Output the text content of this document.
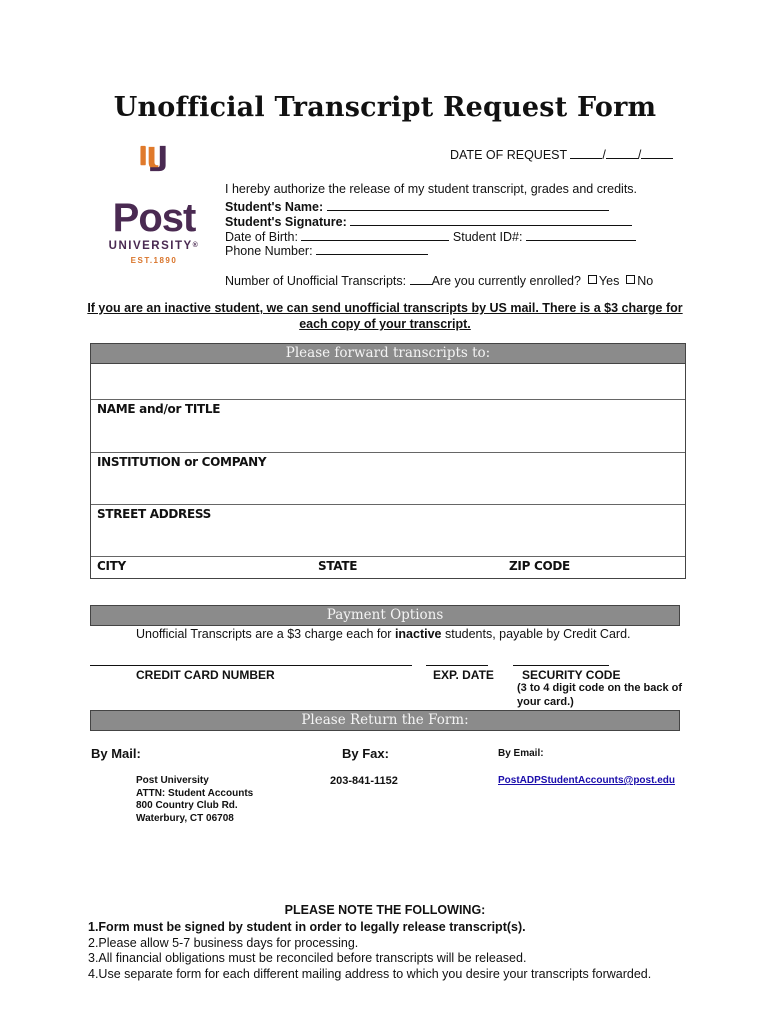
Unofficial Transcript Request Form
Post
UNIVERSITY®
EST.1890
DATE OF REQUEST	/	/
I hereby authorize the release of my student transcript, grades and credits.
Student's Name:
Student's Signature:
Date of Birth:	Student ID#:
Phone Number:
Number of Unofficial Transcripts: Are you currently enrolled? Yes No
If you are an inactive student, we can send unofficial transcripts by US mail. There is a $3 charge for each copy of your transcript.
Please forward transcripts to:
NAME and/or TITLE
INSTITUTION or COMPANY
STREET ADDRESS
CITY	STATE	ZIP CODE
Payment Options
Unofficial Transcripts are a $3 charge each for inactive students, payable by Credit Card.
CREDIT CARD NUMBER	EXP. DATE SECURITY CODE
(3 to 4 digit code on the back of your card.)
Please Return the Form:
By Mail:	By Fax:	By Email:
Post University
ATTN: Student Accounts
800 Country Club Rd.
Waterbury, CT 06708
203-841-1152	PostADPStudentAccounts@post.edu
PLEASE NOTE THE FOLLOWING:
1.Form must be signed by student in order to legally release transcript(s).
2.Please allow 5-7 business days for processing.
3.All financial obligations must be reconciled before transcripts will be released.
4.Use separate form for each different mailing address to which you desire your transcripts forwarded.
